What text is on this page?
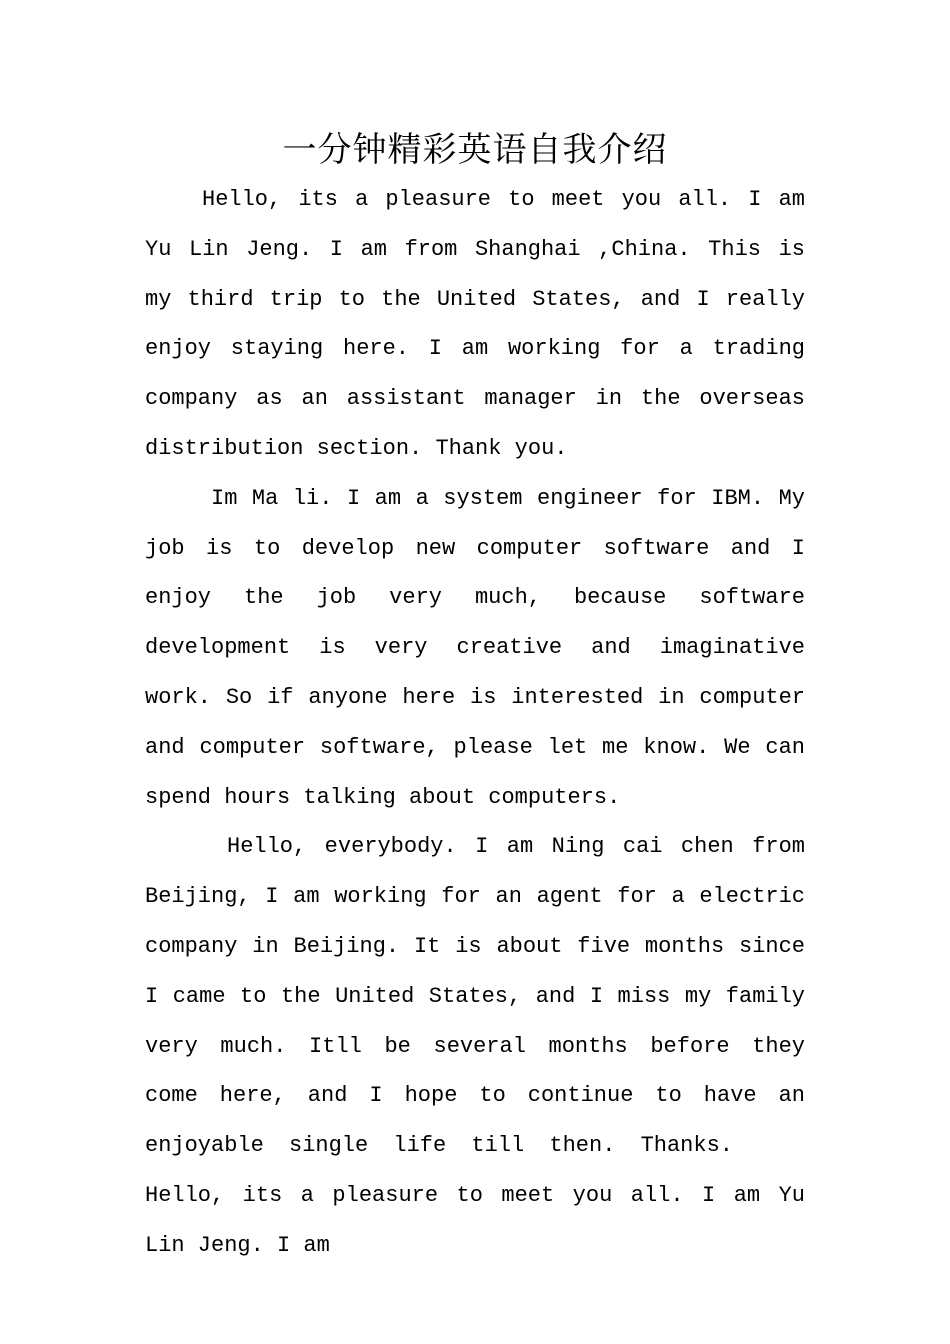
一分钟精彩英语自我介绍

Hello, its a pleasure to meet you all. I am Yu Lin Jeng. I am from Shanghai ,China. This is my third trip to the United States, and I really enjoy staying here. I am working for a trading company as an assistant manager in the overseas distribution section. Thank you.

Im Ma li. I am a system engineer for IBM. My job is to develop new computer software and I enjoy the job very much, because software development is very creative and imaginative work. So if anyone here is interested in computer and computer software, please let me know. We can spend hours talking about computers.

Hello, everybody. I am Ning cai chen from Beijing, I am working for an agent for a electric company in Beijing. It is about five months since I came to the United States, and I miss my family very much. Itll be several months before they come here, and I hope to continue to have an enjoyable single life till then. Thanks.Hello, its a pleasure to meet you all. I am Yu Lin Jeng. I am
